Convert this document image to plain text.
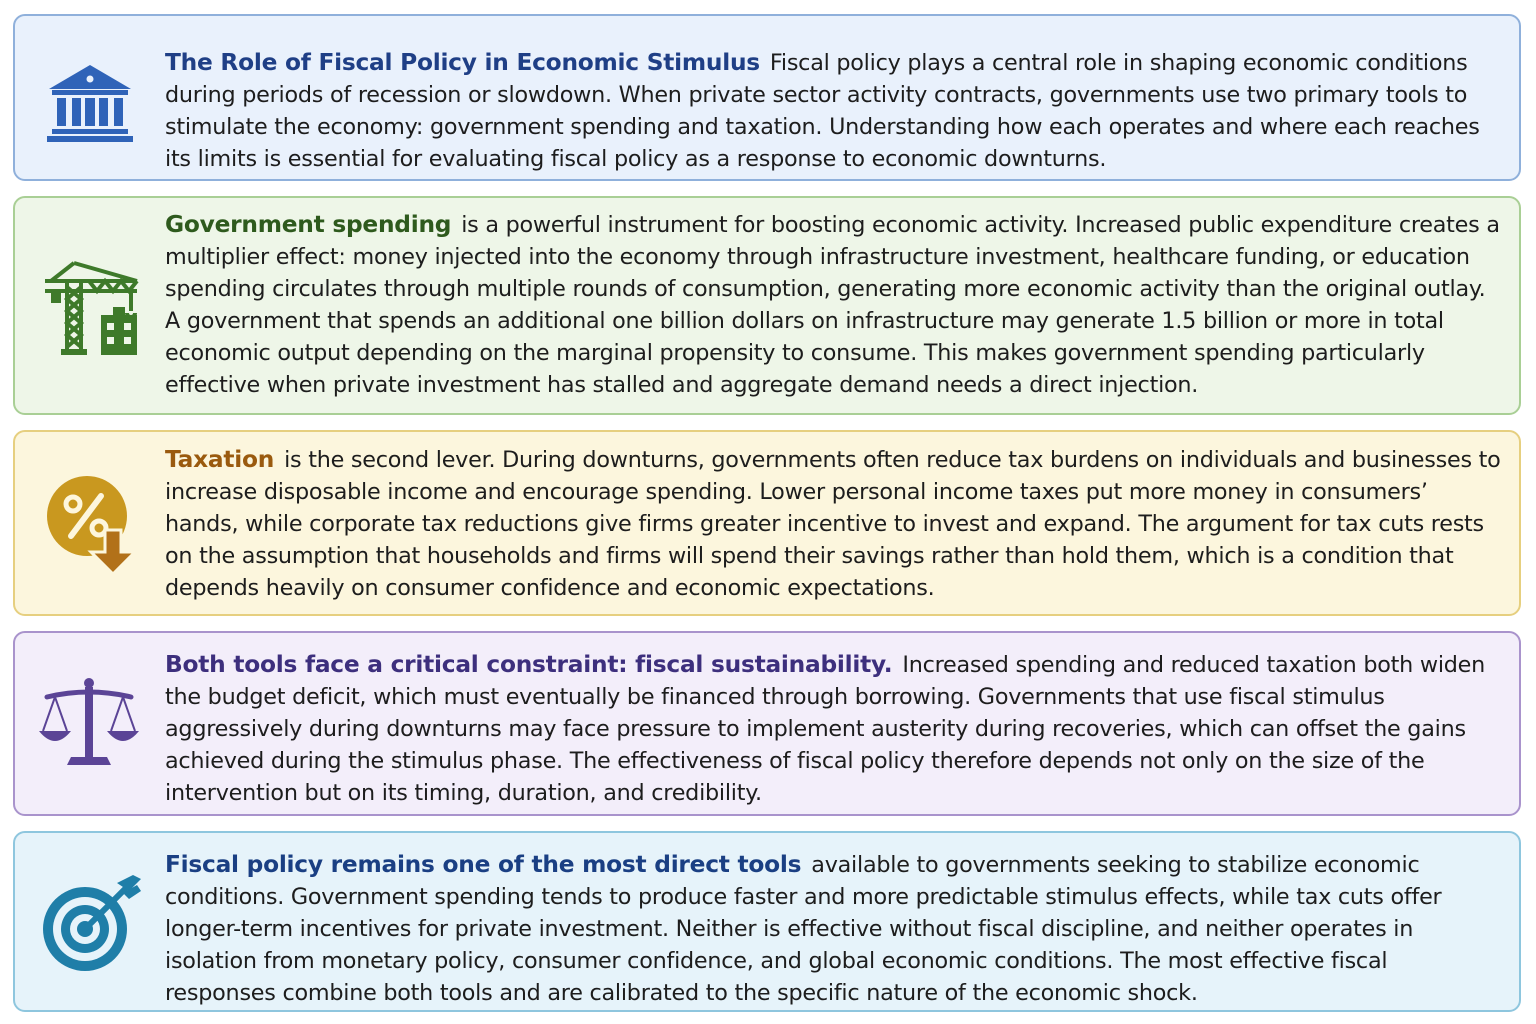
The Role of Fiscal Policy in Economic Stimulus Fiscal policy plays a central role in shaping economic conditions during periods of recession or slowdown. When private sector activity contracts, governments use two primary tools to stimulate the economy: government spending and taxation. Understanding how each operates and where each reaches its limits is essential for evaluating fiscal policy as a response to economic downturns.
Government spending is a powerful instrument for boosting economic activity. Increased public expenditure creates a multiplier effect: money injected into the economy through infrastructure investment, healthcare funding, or education spending circulates through multiple rounds of consumption, generating more economic activity than the original outlay. A government that spends an additional one billion dollars on infrastructure may generate 1.5 billion or more in total economic output depending on the marginal propensity to consume. This makes government spending particularly effective when private investment has stalled and aggregate demand needs a direct injection.
Taxation is the second lever. During downturns, governments often reduce tax burdens on individuals and businesses to increase disposable income and encourage spending. Lower personal income taxes put more money in consumers’ hands, while corporate tax reductions give firms greater incentive to invest and expand. The argument for tax cuts rests on the assumption that households and firms will spend their savings rather than hold them, which is a condition that depends heavily on consumer confidence and economic expectations.
Both tools face a critical constraint: fiscal sustainability. Increased spending and reduced taxation both widen the budget deficit, which must eventually be financed through borrowing. Governments that use fiscal stimulus aggressively during downturns may face pressure to implement austerity during recoveries, which can offset the gains achieved during the stimulus phase. The effectiveness of fiscal policy therefore depends not only on the size of the intervention but on its timing, duration, and credibility.
Fiscal policy remains one of the most direct tools available to governments seeking to stabilize economic conditions. Government spending tends to produce faster and more predictable stimulus effects, while tax cuts offer longer-term incentives for private investment. Neither is effective without fiscal discipline, and neither operates in isolation from monetary policy, consumer confidence, and global economic conditions. The most effective fiscal responses combine both tools and are calibrated to the specific nature of the economic shock.
